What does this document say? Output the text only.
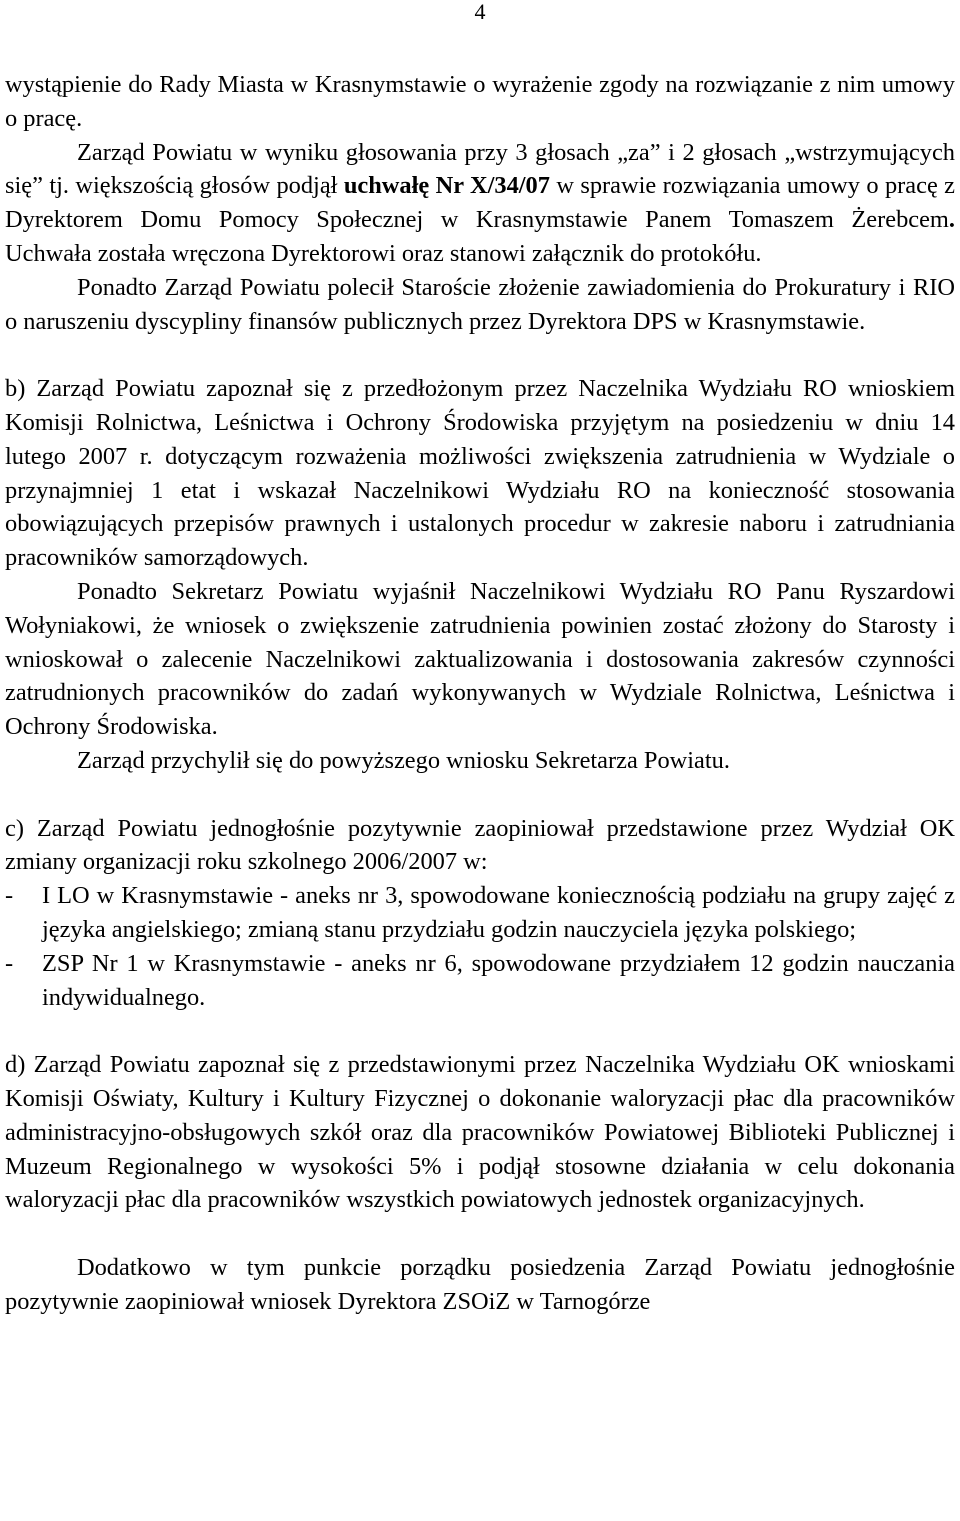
4

wystąpienie do Rady Miasta w Krasnymstawie o wyrażenie zgody na rozwiązanie z nim umowy o pracę.

Zarząd Powiatu w wyniku głosowania przy 3 głosach „za” i 2 głosach „wstrzymujących się” tj. większością głosów podjął uchwałę Nr X/34/07 w sprawie rozwiązania umowy o pracę z Dyrektorem Domu Pomocy Społecznej w Krasnymstawie Panem Tomaszem Żerebcem. Uchwała została wręczona Dyrektorowi oraz stanowi załącznik do protokółu.

Ponadto Zarząd Powiatu polecił Staroście złożenie zawiadomienia do Prokuratury i RIO o naruszeniu dyscypliny finansów publicznych przez Dyrektora DPS w Krasnymstawie.

b) Zarząd Powiatu zapoznał się z przedłożonym przez Naczelnika Wydziału RO wnioskiem Komisji Rolnictwa, Leśnictwa i Ochrony Środowiska przyjętym na posiedzeniu w dniu 14 lutego 2007 r. dotyczącym rozważenia możliwości zwiększenia zatrudnienia w Wydziale o przynajmniej 1 etat i wskazał Naczelnikowi Wydziału RO na konieczność stosowania obowiązujących przepisów prawnych i ustalonych procedur w zakresie naboru i zatrudniania pracowników samorządowych.

Ponadto Sekretarz Powiatu wyjaśnił Naczelnikowi Wydziału RO Panu Ryszardowi Wołyniakowi, że wniosek o zwiększenie zatrudnienia powinien zostać złożony do Starosty i wnioskował o zalecenie Naczelnikowi zaktualizowania i dostosowania zakresów czynności zatrudnionych pracowników do zadań wykonywanych w Wydziale Rolnictwa, Leśnictwa i Ochrony Środowiska.

Zarząd przychylił się do powyższego wniosku Sekretarza Powiatu.

c) Zarząd Powiatu jednogłośnie pozytywnie zaopiniował przedstawione przez Wydział OK zmiany organizacji roku szkolnego 2006/2007 w:

- I LO w Krasnymstawie - aneks nr 3, spowodowane koniecznością podziału na grupy zajęć z języka angielskiego; zmianą stanu przydziału godzin nauczyciela języka polskiego;
- ZSP Nr 1 w Krasnymstawie - aneks nr 6, spowodowane przydziałem 12 godzin nauczania indywidualnego.

d) Zarząd Powiatu zapoznał się z przedstawionymi przez Naczelnika Wydziału OK wnioskami Komisji Oświaty, Kultury i Kultury Fizycznej o dokonanie waloryzacji płac dla pracowników administracyjno-obsługowych szkół oraz dla pracowników Powiatowej Biblioteki Publicznej i Muzeum Regionalnego w wysokości 5% i podjął stosowne działania w celu dokonania waloryzacji płac dla pracowników wszystkich powiatowych jednostek organizacyjnych.

Dodatkowo w tym punkcie porządku posiedzenia Zarząd Powiatu jednogłośnie pozytywnie zaopiniował wniosek Dyrektora ZSOiZ w Tarnogórze
